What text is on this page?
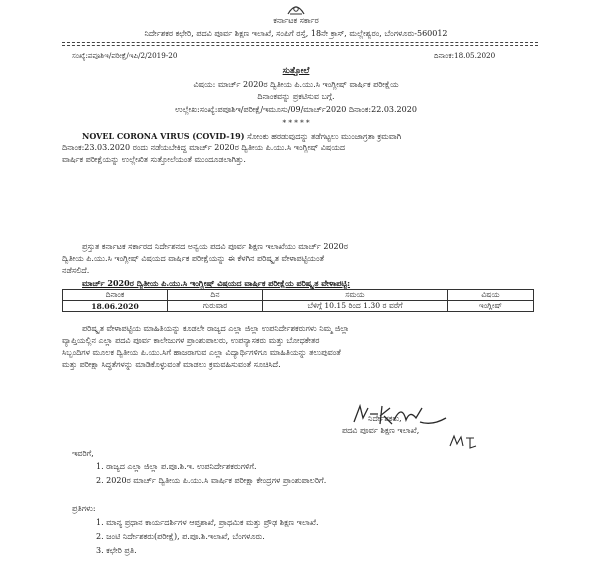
ಕರ್ನಾಟಕ ಸರ್ಕಾರ
ನಿರ್ದೇಶಕರ ಕಛೇರಿ, ಪದವಿ ಪೂರ್ವ ಶಿಕ್ಷಣ ಇಲಾಖೆ, ಸಂಪಿಗೆ ರಸ್ತೆ, 18ನೇ ಕ್ರಾಸ್, ಮಲ್ಲೇಶ್ವರಂ, ಬೆಂಗಳೂರು-560012
ಸಂಖ್ಯೆ:ಪಪೂಶಿಇ/ಪರೀಕ್ಷೆ/ಇಪಿ/2/2019-20	ದಿನಾಂಕ:18.05.2020
ಸುತ್ತೋಲೆ
ವಿಷಯ: ಮಾರ್ಚ್ 2020ರ ದ್ವಿತೀಯ ಪಿ.ಯು.ಸಿ ಇಂಗ್ಲೀಷ್ ವಾರ್ಷಿಕ ಪರೀಕ್ಷೆಯ
ದಿನಾಂಕವನ್ನು ಪ್ರಕಟಿಸುವ ಬಗ್ಗೆ.
ಉಲ್ಲೇಖ:ಸಂಖ್ಯೆ:ಪಪೂಶಿಇ/ಪರೀಕ್ಷೆ/ಇಮೂಸು/09/ಮಾರ್ಚ್2020 ದಿನಾಂಕ:22.03.2020
* * * * *
NOVEL CORONA VIRUS (COVID-19) ಸೋಂಕು ಹರಡುವುದನ್ನು ತಡೆಗಟ್ಟಲು ಮುಂಜಾಗ್ರತಾ ಕ್ರಮವಾಗಿ
ದಿನಾಂಕ:23.03.2020 ರಂದು ನಡೆಯಬೇಕಿದ್ದ ಮಾರ್ಚ್ 2020ರ ದ್ವಿತೀಯ ಪಿ.ಯು.ಸಿ ಇಂಗ್ಲೀಷ್ ವಿಷಯದ
ವಾರ್ಷಿಕ ಪರೀಕ್ಷೆಯನ್ನು ಉಲ್ಲೇಖಿತ ಸುತ್ತೋಲೆಯಂತೆ ಮುಂದೂಡಲಾಗಿತ್ತು.
ಪ್ರಸ್ತುತ ಕರ್ನಾಟಕ ಸರ್ಕಾರದ ನಿರ್ದೇಶನದ ಅನ್ವಯ ಪದವಿ ಪೂರ್ವ ಶಿಕ್ಷಣ ಇಲಾಖೆಯು ಮಾರ್ಚ್ 2020ರ
ದ್ವಿತೀಯ ಪಿ.ಯು.ಸಿ ಇಂಗ್ಲೀಷ್ ವಿಷಯದ ವಾರ್ಷಿಕ ಪರೀಕ್ಷೆಯನ್ನು ಈ ಕೆಳಗಿನ ಪರಿಷ್ಕೃತ ವೇಳಾಪಟ್ಟಿಯಂತೆ
ನಡೆಸಲಿದೆ.
ಮಾರ್ಚ್ 2020ರ ದ್ವಿತೀಯ ಪಿ.ಯು.ಸಿ ಇಂಗ್ಲೀಷ್ ವಿಷಯದ ವಾರ್ಷಿಕ ಪರೀಕ್ಷೆಯ ಪರಿಷ್ಕೃತ ವೇಳಾಪಟ್ಟಿ:
ದಿನಾಂಕ	ದಿನ	ಸಮಯ	ವಿಷಯ
18.06.2020	ಗುರುವಾರ	ಬೆಳಿಗ್ಗೆ 10.15 ರಿಂದ 1.30 ರ ವರೆಗೆ	ಇಂಗ್ಲೀಷ್
ಪರಿಷ್ಕೃತ ವೇಳಾಪಟ್ಟಿಯ ಮಾಹಿತಿಯನ್ನು ಕೂಡಲೇ ರಾಜ್ಯದ ಎಲ್ಲಾ ಜಿಲ್ಲಾ ಉಪನಿರ್ದೇಶಕರುಗಳು ನಿಮ್ಮ ಜಿಲ್ಲಾ
ವ್ಯಾಪ್ತಿಯಲ್ಲಿನ ಎಲ್ಲಾ ಪದವಿ ಪೂರ್ವ ಕಾಲೇಜುಗಳ ಪ್ರಾಂಶುಪಾಲರು, ಉಪನ್ಯಾಸಕರು ಮತ್ತು ಬೋಧಕೇತರ
ಸಿಬ್ಬಂದಿಗಳ ಮೂಲಕ ದ್ವಿತೀಯ ಪಿ.ಯು.ಸಿಗೆ ಹಾಜರಾಗುವ ಎಲ್ಲಾ ವಿದ್ಯಾರ್ಥಿಗಳಿಗೂ ಮಾಹಿತಿಯನ್ನು ತಲುಪುವಂತೆ
ಮತ್ತು ಪರೀಕ್ಷಾ ಸಿದ್ಧತೆಗಳನ್ನು ಮಾಡಿಕೊಳ್ಳುವಂತೆ ಮಾಡಲು ಕ್ರಮವಹಿಸುವಂತೆ ಸೂಚಿಸಿದೆ.
ನಿರ್ದೇಶಕರು,
ಪದವಿ ಪೂರ್ವ ಶಿಕ್ಷಣ ಇಲಾಖೆ,
ಇವರಿಗೆ,
1. ರಾಜ್ಯದ ಎಲ್ಲಾ ಜಿಲ್ಲಾ ಪ.ಪೂ.ಶಿ.ಇ. ಉಪನಿರ್ದೇಶಕರುಗಳಿಗೆ.
2. 2020ರ ಮಾರ್ಚ್ ದ್ವಿತೀಯ ಪಿ.ಯು.ಸಿ ವಾರ್ಷಿಕ ಪರೀಕ್ಷಾ ಕೇಂದ್ರಗಳ ಪ್ರಾಂಶುಪಾಲರಿಗೆ.
ಪ್ರತಿಗಳು:
1. ಮಾನ್ಯ ಪ್ರಧಾನ ಕಾರ್ಯದರ್ಶಿಗಳ ಆಪ್ತಶಾಖೆ, ಪ್ರಾಥಮಿಕ ಮತ್ತು ಪ್ರೌಢ ಶಿಕ್ಷಣ ಇಲಾಖೆ.
2. ಜಂಟಿ ನಿರ್ದೇಶಕರು(ಪರೀಕ್ಷೆ), ಪ.ಪೂ.ಶಿ.ಇಲಾಖೆ, ಬೆಂಗಳೂರು.
3. ಕಛೇರಿ ಪ್ರತಿ.
